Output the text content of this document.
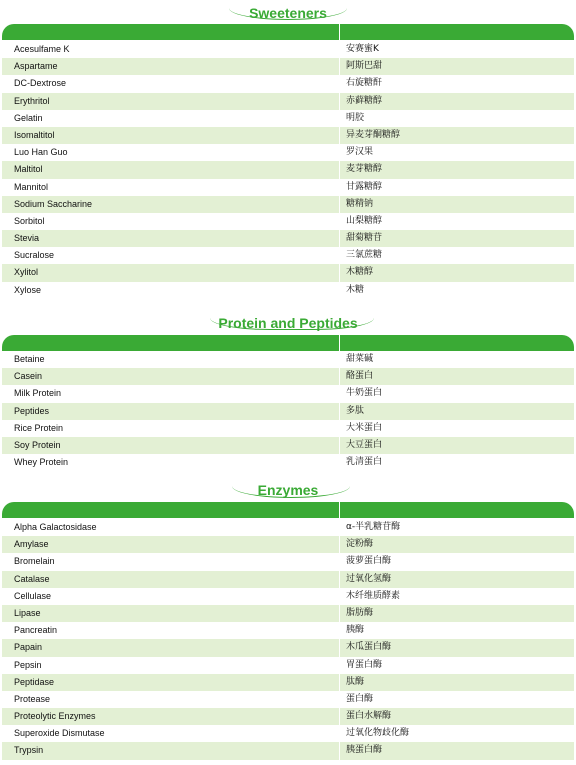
Sweeteners
Acesulfame K	安赛蜜K
Aspartame	阿斯巴甜
DC-Dextrose	右旋糖酐
Erythritol	赤藓糖醇
Gelatin	明胶
Isomaltitol	异麦芽酮糖醇
Luo Han Guo	罗汉果
Maltitol	麦芽糖醇
Mannitol	甘露糖醇
Sodium Saccharine	糖精钠
Sorbitol	山梨糖醇
Stevia	甜菊糖苷
Sucralose	三氯蔗糖
Xylitol	木糖醇
Xylose	木糖
Protein and Peptides
Betaine	甜菜碱
Casein	酪蛋白
Milk Protein	牛奶蛋白
Peptides	多肽
Rice Protein	大米蛋白
Soy Protein	大豆蛋白
Whey Protein	乳清蛋白
Enzymes
Alpha Galactosidase	α-半乳糖苷酶
Amylase	淀粉酶
Bromelain	菠萝蛋白酶
Catalase	过氧化氢酶
Cellulase	木纤维质酵素
Lipase	脂肪酶
Pancreatin	胰酶
Papain	木瓜蛋白酶
Pepsin	胃蛋白酶
Peptidase	肽酶
Protease	蛋白酶
Proteolytic Enzymes	蛋白水解酶
Superoxide Dismutase	过氧化物歧化酶
Trypsin	胰蛋白酶
